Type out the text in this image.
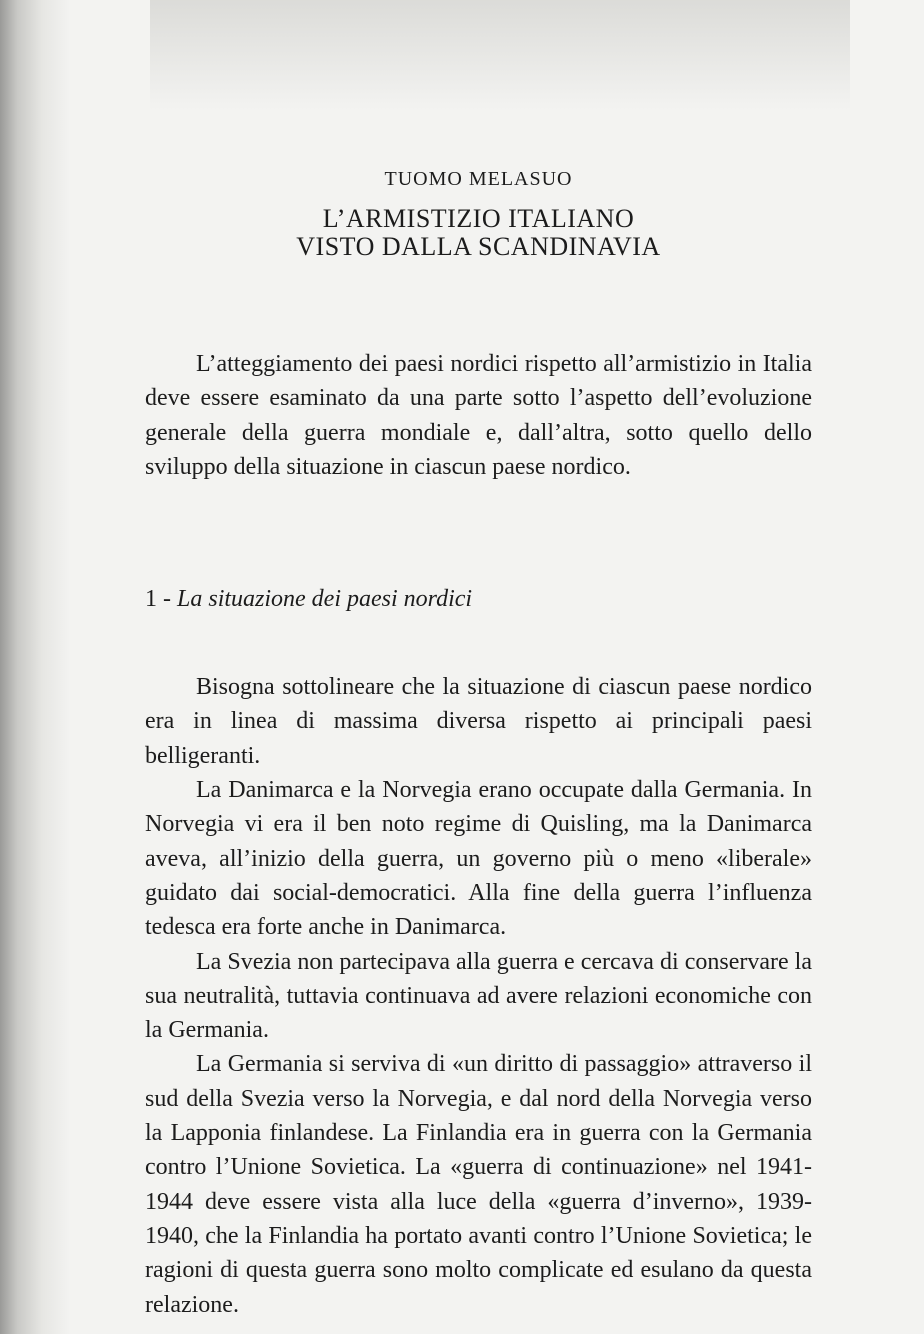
TUOMO MELASUO
L’ARMISTIZIO ITALIANO
VISTO DALLA SCANDINAVIA

L’atteggiamento dei paesi nordici rispetto all’armistizio in Italia deve essere esaminato da una parte sotto l’aspetto dell’evoluzione generale della guerra mondiale e, dall’altra, sotto quello dello sviluppo della situazione in ciascun paese nordico.

1 - La situazione dei paesi nordici

Bisogna sottolineare che la situazione di ciascun paese nordico era in linea di massima diversa rispetto ai principali paesi belligeranti.

La Danimarca e la Norvegia erano occupate dalla Germania. In Norvegia vi era il ben noto regime di Quisling, ma la Danimarca aveva, all’inizio della guerra, un governo più o meno «liberale» guidato dai social-democratici. Alla fine della guerra l’influenza tedesca era forte anche in Danimarca.

La Svezia non partecipava alla guerra e cercava di conservare la sua neutralità, tuttavia continuava ad avere relazioni economiche con la Germania.

La Germania si serviva di «un diritto di passaggio» attraverso il sud della Svezia verso la Norvegia, e dal nord della Norvegia verso la Lapponia finlandese. La Finlandia era in guerra con la Germania contro l’Unione Sovietica. La «guerra di continuazione» nel 1941-1944 deve essere vista alla luce della «guerra d’inverno», 1939-1940, che la Finlandia ha portato avanti contro l’Unione Sovietica; le ragioni di questa guerra sono molto complicate ed esulano da questa relazione.
